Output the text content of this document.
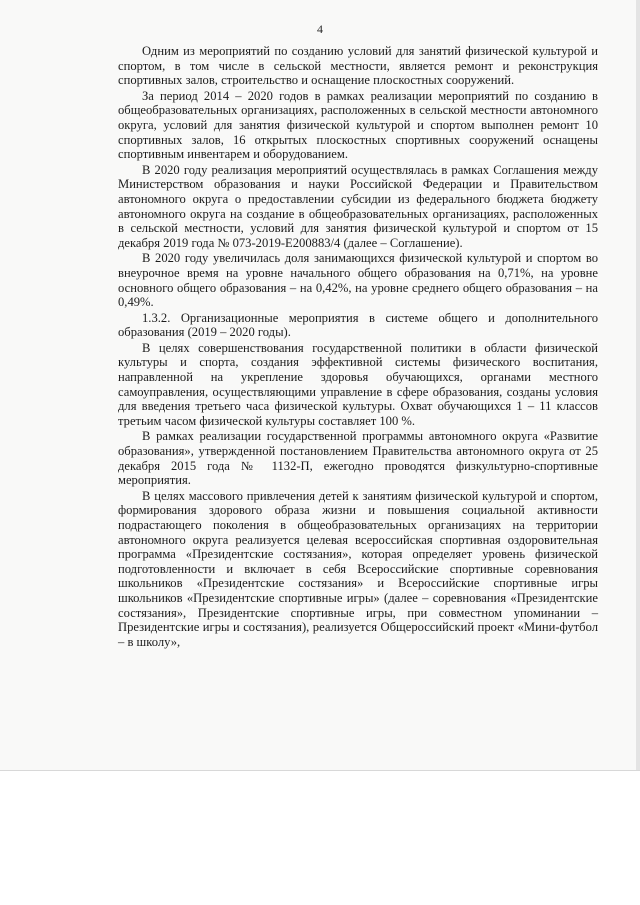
4

Одним из мероприятий по созданию условий для занятий физической культурой и спортом, в том числе в сельской местности, является ремонт и реконструкция спортивных залов, строительство и оснащение плоскостных сооружений.

За период 2014 – 2020 годов в рамках реализации мероприятий по созданию в общеобразовательных организациях, расположенных в сельской местности автономного округа, условий для занятия физической культурой и спортом выполнен ремонт 10 спортивных залов, 16 открытых плоскостных спортивных сооружений оснащены спортивным инвентарем и оборудованием.

В 2020 году реализация мероприятий осуществлялась в рамках Соглашения между Министерством образования и науки Российской Федерации и Правительством автономного округа о предоставлении субсидии из федерального бюджета бюджету автономного округа на создание в общеобразовательных организациях, расположенных в сельской местности, условий для занятия физической культурой и спортом от 15 декабря 2019 года № 073-2019-Е200883/4 (далее – Соглашение).

В 2020 году увеличилась доля занимающихся физической культурой и спортом во внеурочное время на уровне начального общего образования на 0,71%, на уровне основного общего образования – на 0,42%, на уровне среднего общего образования – на 0,49%.

1.3.2. Организационные мероприятия в системе общего и дополнительного образования (2019 – 2020 годы).

В целях совершенствования государственной политики в области физической культуры и спорта, создания эффективной системы физического воспитания, направленной на укрепление здоровья обучающихся, органами местного самоуправления, осуществляющими управление в сфере образования, созданы условия для введения третьего часа физической культуры. Охват обучающихся 1 – 11 классов третьим часом физической культуры составляет 100 %.

В рамках реализации государственной программы автономного округа «Развитие образования», утвержденной постановлением Правительства автономного округа от 25 декабря 2015 года № 1132-П, ежегодно проводятся физкультурно-спортивные мероприятия.

В целях массового привлечения детей к занятиям физической культурой и спортом, формирования здорового образа жизни и повышения социальной активности подрастающего поколения в общеобразовательных организациях на территории автономного округа реализуется целевая всероссийская спортивная оздоровительная программа «Президентские состязания», которая определяет уровень физической подготовленности и включает в себя Всероссийские спортивные соревнования школьников «Президентские состязания» и Всероссийские спортивные игры школьников «Президентские спортивные игры» (далее – соревнования «Президентские состязания», Президентские спортивные игры, при совместном упоминании – Президентские игры и состязания), реализуется Общероссийский проект «Мини-футбол – в школу»,
